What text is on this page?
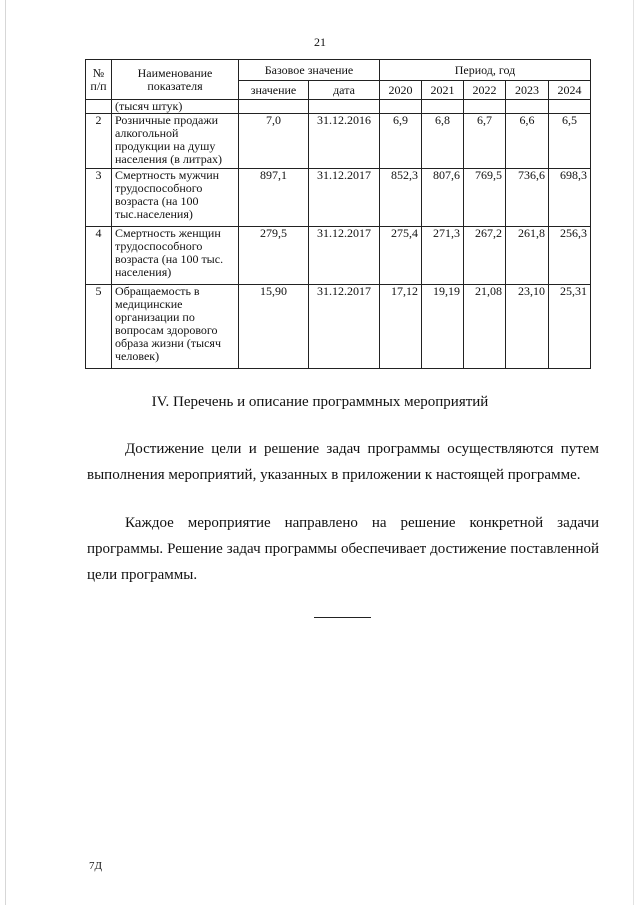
21
№ п/п	Наименование показателя	Базовое значение		Период, год				
		значение	дата	2020	2021	2022	2023	2024
	(тысяч штук)							
2	Розничные продажи алкогольной продукции на душу населения (в литрах)	7,0	31.12.2016	6,9	6,8	6,7	6,6	6,5
3	Смертность мужчин трудоспособного возраста (на 100 тыс.населения)	897,1	31.12.2017	852,3	807,6	769,5	736,6	698,3
4	Смертность женщин трудоспособного возраста (на 100 тыс. населения)	279,5	31.12.2017	275,4	271,3	267,2	261,8	256,3
5	Обращаемость в медицинские организации по вопросам здорового образа жизни (тысяч человек)	15,90	31.12.2017	17,12	19,19	21,08	23,10	25,31
IV. Перечень и описание программных мероприятий

Достижение цели и решение задач программы осуществляются путем выполнения мероприятий, указанных в приложении к настоящей программе.

Каждое мероприятие направлено на решение конкретной задачи программы. Решение задач программы обеспечивает достижение поставленной цели программы.

7Д
